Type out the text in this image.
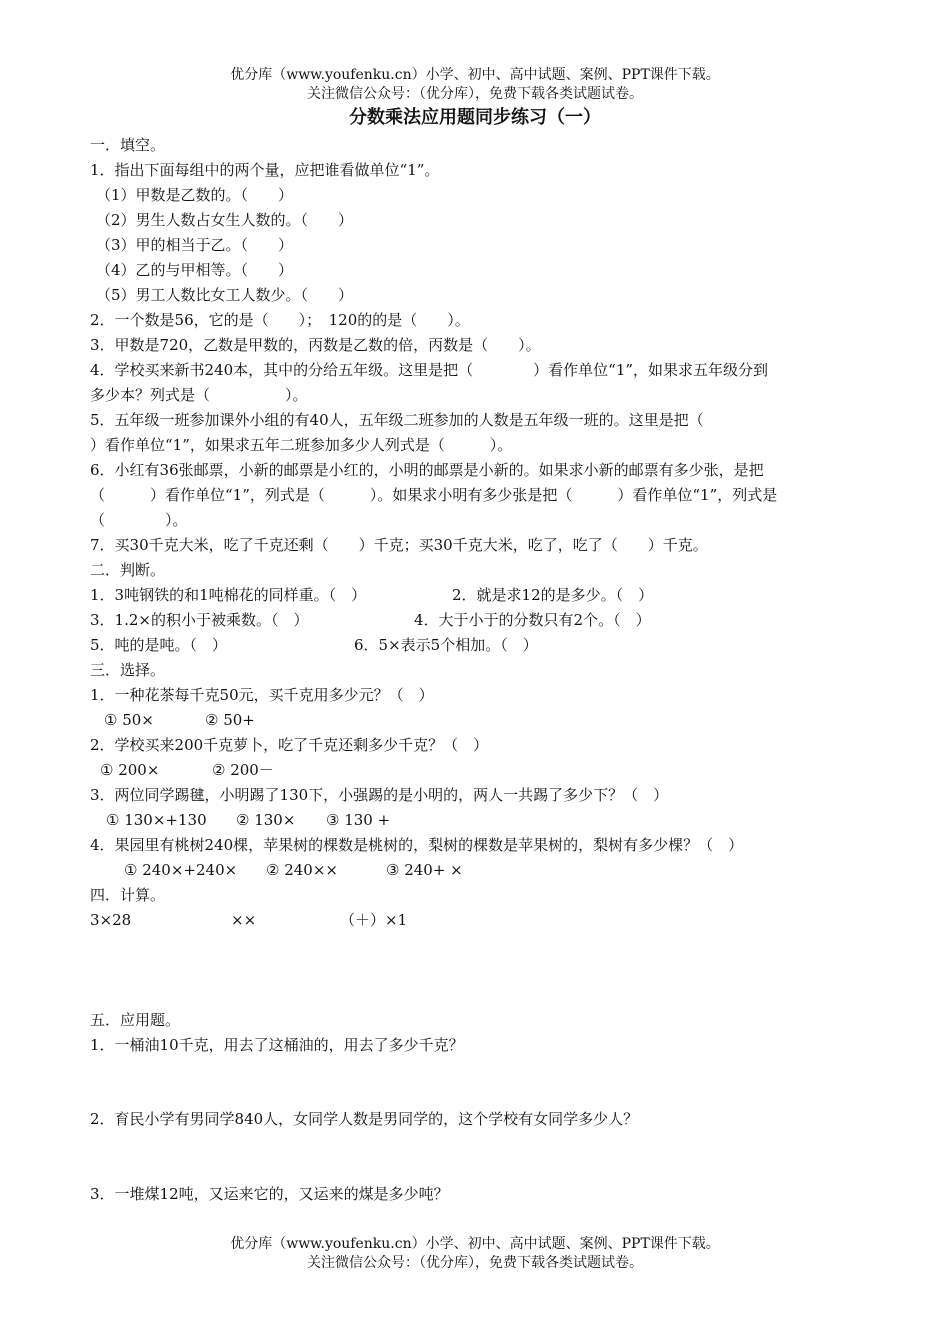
优分库（www.youfenku.cn）小学、初中、高中试题、案例、PPT课件下载。
关注微信公众号：（优分库），免费下载各类试题试卷。
分数乘法应用题同步练习（一）
一．填空。
1．指出下面每组中的两个量，应把谁看做单位“1”。
（1）甲数是乙数的。（　　）
（2）男生人数占女生人数的。（　　）
（3）甲的相当于乙。（　　）
（4）乙的与甲相等。（　　）
（5）男工人数比女工人数少。（　　）
2．一个数是56，它的是（　　）；　120的的是（　　）。
3．甲数是720，乙数是甲数的，丙数是乙数的倍，丙数是（　　）。
4．学校买来新书240本，其中的分给五年级。这里是把（　　　　）看作单位“1”，如果求五年级分到
多少本？列式是（　　　　　）。
5．五年级一班参加课外小组的有40人，五年级二班参加的人数是五年级一班的。这里是把（
）看作单位“1”，如果求五年二班参加多少人列式是（　　　）。
6．小红有36张邮票，小新的邮票是小红的，小明的邮票是小新的。如果求小新的邮票有多少张，是把
（　　　）看作单位“1”，列式是（　　　）。如果求小明有多少张是把（　　　）看作单位“1”，列式是
（　　　　）。
7．买30千克大米，吃了千克还剩（　　）千克；买30千克大米，吃了，吃了（　　）千克。
二．判断。
1．3吨钢铁的和1吨棉花的同样重。（　）	2．就是求12的是多少。（　）
3．1.2×的积小于被乘数。（　）	4．大于小于的分数只有2个。（　）
5．吨的是吨。（　）	6．5×表示5个相加。（　）
三．选择。
1．一种花茶每千克50元，买千克用多少元？（　）
① 50×	② 50+
2．学校买来200千克萝卜，吃了千克还剩多少千克？（　）
① 200×	② 200－
3．两位同学踢毽，小明踢了130下，小强踢的是小明的，两人一共踢了多少下？（　）
① 130×+130 ② 130× ③ 130 +
4．果园里有桃树240棵，苹果树的棵数是桃树的，梨树的棵数是苹果树的，梨树有多少棵？（　）
① 240×+240× ② 240××	③ 240+ ×
四．计算。
3×28	××	（＋）×1
五．应用题。
1．一桶油10千克，用去了这桶油的，用去了多少千克？
2．育民小学有男同学840人，女同学人数是男同学的，这个学校有女同学多少人？
3．一堆煤12吨，又运来它的，又运来的煤是多少吨？
优分库（www.youfenku.cn）小学、初中、高中试题、案例、PPT课件下载。
关注微信公众号：（优分库），免费下载各类试题试卷。
